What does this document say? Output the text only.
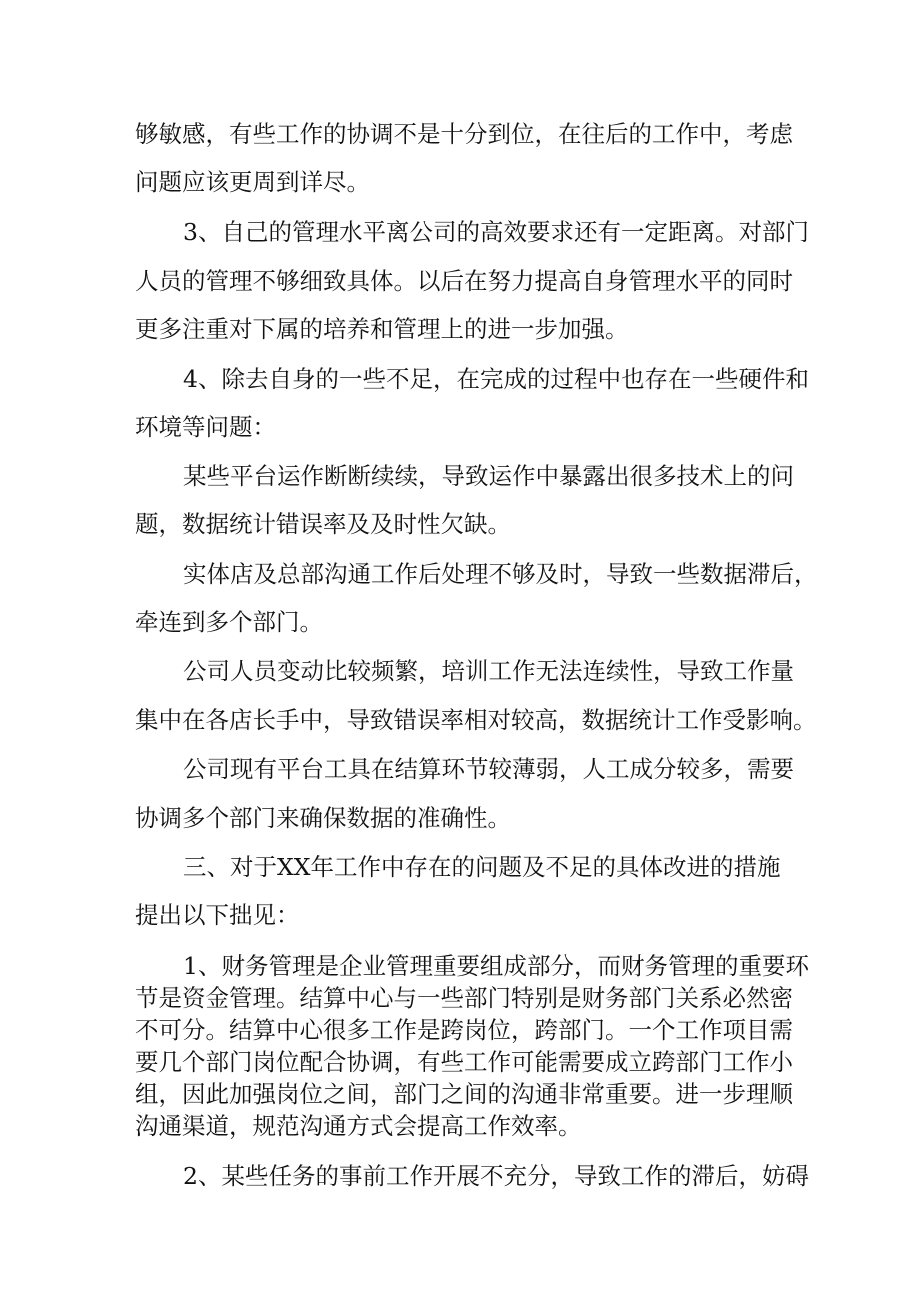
够敏感，有些工作的协调不是十分到位，在往后的工作中，考虑

问题应该更周到详尽。

3、自己的管理水平离公司的高效要求还有一定距离。对部门

人员的管理不够细致具体。以后在努力提高自身管理水平的同时

更多注重对下属的培养和管理上的进一步加强。

4、除去自身的一些不足，在完成的过程中也存在一些硬件和

环境等问题：

某些平台运作断断续续，导致运作中暴露出很多技术上的问

题，数据统计错误率及及时性欠缺。

实体店及总部沟通工作后处理不够及时，导致一些数据滞后，

牵连到多个部门。

公司人员变动比较频繁，培训工作无法连续性，导致工作量

集中在各店长手中，导致错误率相对较高，数据统计工作受影响。

公司现有平台工具在结算环节较薄弱，人工成分较多，需要

协调多个部门来确保数据的准确性。

三、对于XX年工作中存在的问题及不足的具体改进的措施

提出以下拙见：

1、财务管理是企业管理重要组成部分，而财务管理的重要环

节是资金管理。结算中心与一些部门特别是财务部门关系必然密

不可分。结算中心很多工作是跨岗位，跨部门。一个工作项目需

要几个部门岗位配合协调，有些工作可能需要成立跨部门工作小

组，因此加强岗位之间，部门之间的沟通非常重要。进一步理顺

沟通渠道，规范沟通方式会提高工作效率。

2、某些任务的事前工作开展不充分，导致工作的滞后，妨碍
